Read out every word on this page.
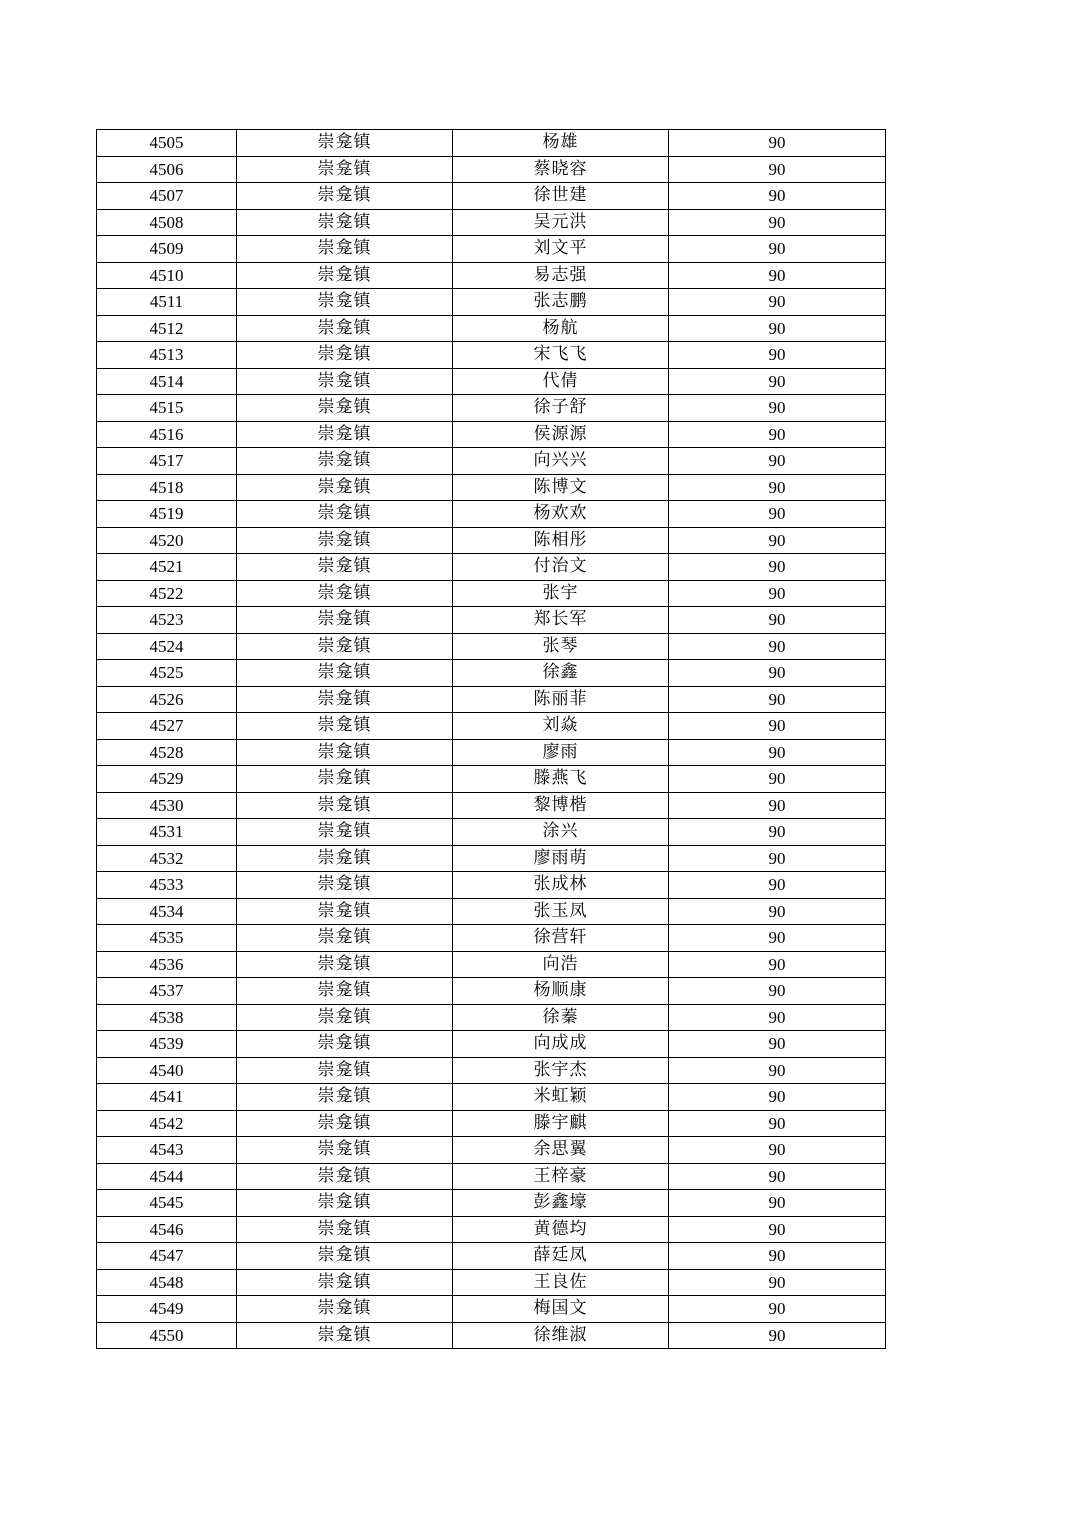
4505	崇龛镇	杨雄	90
4506	崇龛镇	蔡晓容	90
4507	崇龛镇	徐世建	90
4508	崇龛镇	吴元洪	90
4509	崇龛镇	刘文平	90
4510	崇龛镇	易志强	90
4511	崇龛镇	张志鹏	90
4512	崇龛镇	杨航	90
4513	崇龛镇	宋飞飞	90
4514	崇龛镇	代倩	90
4515	崇龛镇	徐子舒	90
4516	崇龛镇	侯源源	90
4517	崇龛镇	向兴兴	90
4518	崇龛镇	陈博文	90
4519	崇龛镇	杨欢欢	90
4520	崇龛镇	陈相彤	90
4521	崇龛镇	付治文	90
4522	崇龛镇	张宇	90
4523	崇龛镇	郑长军	90
4524	崇龛镇	张琴	90
4525	崇龛镇	徐鑫	90
4526	崇龛镇	陈丽菲	90
4527	崇龛镇	刘焱	90
4528	崇龛镇	廖雨	90
4529	崇龛镇	滕燕飞	90
4530	崇龛镇	黎博楷	90
4531	崇龛镇	涂兴	90
4532	崇龛镇	廖雨萌	90
4533	崇龛镇	张成林	90
4534	崇龛镇	张玉凤	90
4535	崇龛镇	徐营轩	90
4536	崇龛镇	向浩	90
4537	崇龛镇	杨顺康	90
4538	崇龛镇	徐蓁	90
4539	崇龛镇	向成成	90
4540	崇龛镇	张宇杰	90
4541	崇龛镇	米虹颖	90
4542	崇龛镇	滕宇麒	90
4543	崇龛镇	余思翼	90
4544	崇龛镇	王梓豪	90
4545	崇龛镇	彭鑫壕	90
4546	崇龛镇	黄德均	90
4547	崇龛镇	薛廷凤	90
4548	崇龛镇	王良佐	90
4549	崇龛镇	梅国文	90
4550	崇龛镇	徐维淑	90
